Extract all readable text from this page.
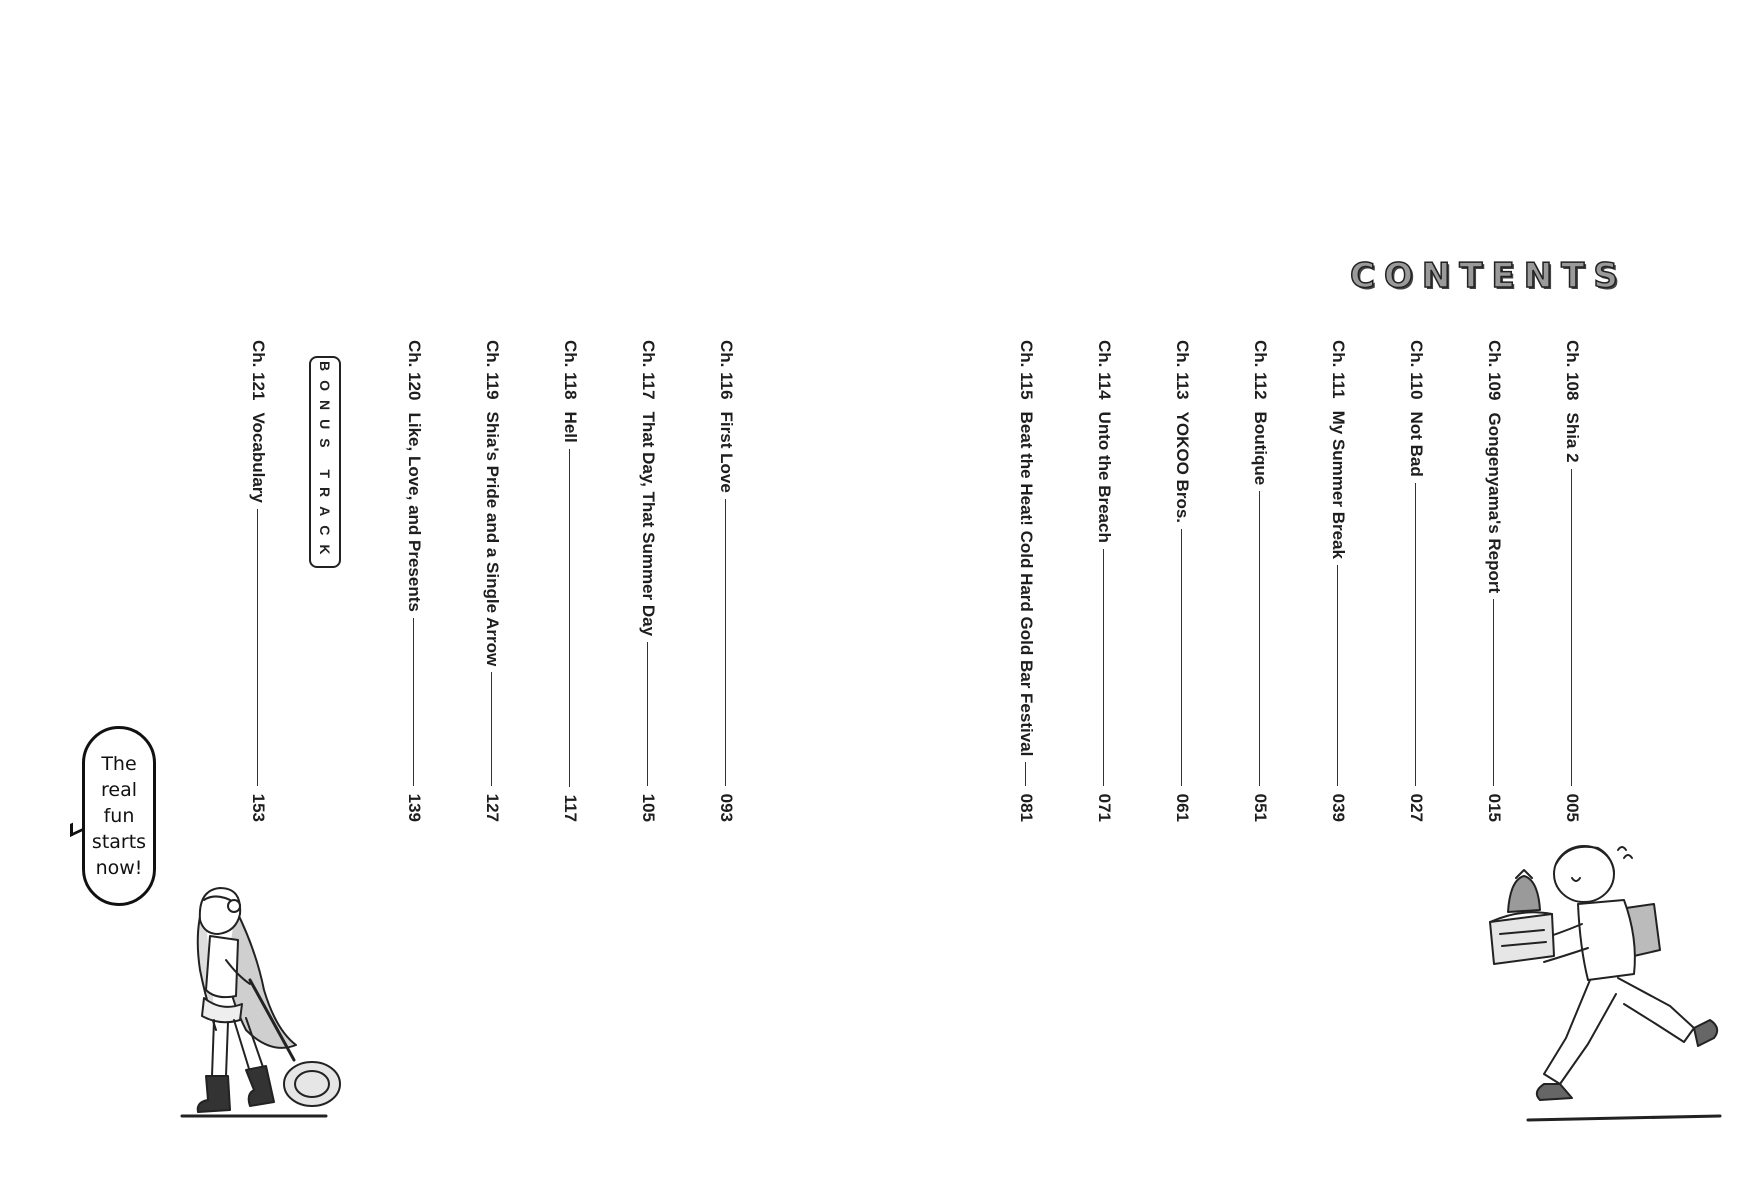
CONTENTS
Ch. 108
Shia 2
005
Ch. 109
Gongenyama's Report
015
Ch. 110
Not Bad
027
Ch. 111
My Summer Break
039
Ch. 112
Boutique
051
Ch. 113
YOKOO Bros.
061
Ch. 114
Unto the Breach
071
Ch. 115
Beat the Heat! Cold Hard Gold Bar Festival
081
Ch. 116
First Love
093
Ch. 117
That Day, That Summer Day
105
Ch. 118
Hell
117
Ch. 119
Shia's Pride and a Single Arrow
127
Ch. 120
Like, Love, and Presents
139
BONUS TRACK
Ch. 121
Vocabulary
153
The
real
fun
starts
now!
